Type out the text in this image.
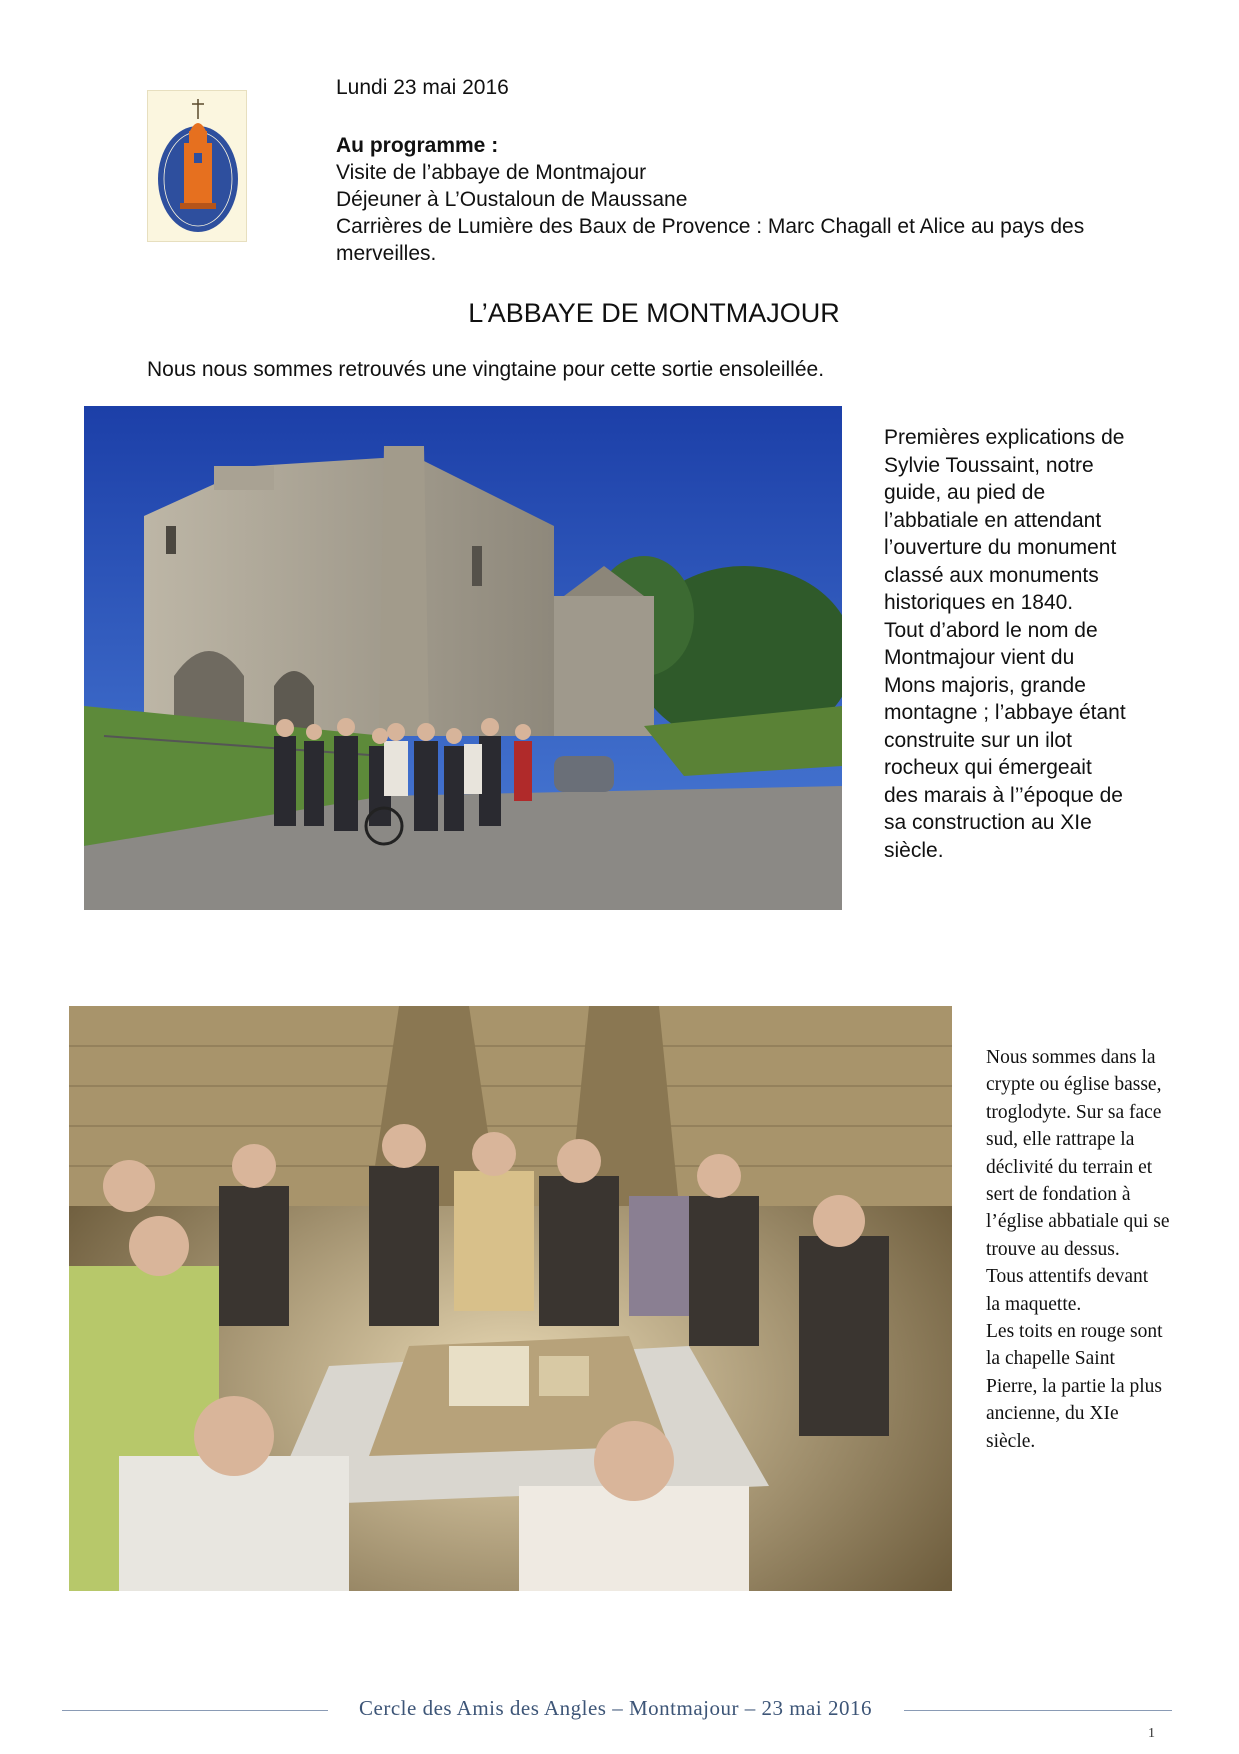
Lundi 23 mai 2016
Au programme :
Visite de l’abbaye de Montmajour
Déjeuner à L’Oustaloun de Maussane
Carrières de Lumière des Baux de Provence : Marc Chagall et Alice au pays des
merveilles.
L’ABBAYE DE MONTMAJOUR
Nous nous sommes retrouvés une vingtaine pour cette sortie ensoleillée.
Premières explications de
Sylvie Toussaint, notre
guide, au pied de
l’abbatiale en attendant
l’ouverture du monument
classé aux monuments
historiques en 1840.
Tout d’abord le nom de
Montmajour vient du
Mons majoris, grande
montagne ; l’abbaye étant
construite sur un ilot
rocheux qui émergeait
des marais à l’’époque de
sa construction au XIe
siècle.
Nous sommes dans la
crypte ou église basse,
troglodyte. Sur sa face
sud, elle rattrape la
déclivité du terrain et
sert de fondation à
l’église abbatiale qui se
trouve au dessus.
Tous attentifs devant
la maquette.
Les toits en rouge sont
la chapelle Saint
Pierre, la partie la plus
ancienne, du XIe
siècle.
Cercle des Amis des Angles – Montmajour – 23 mai 2016
1
